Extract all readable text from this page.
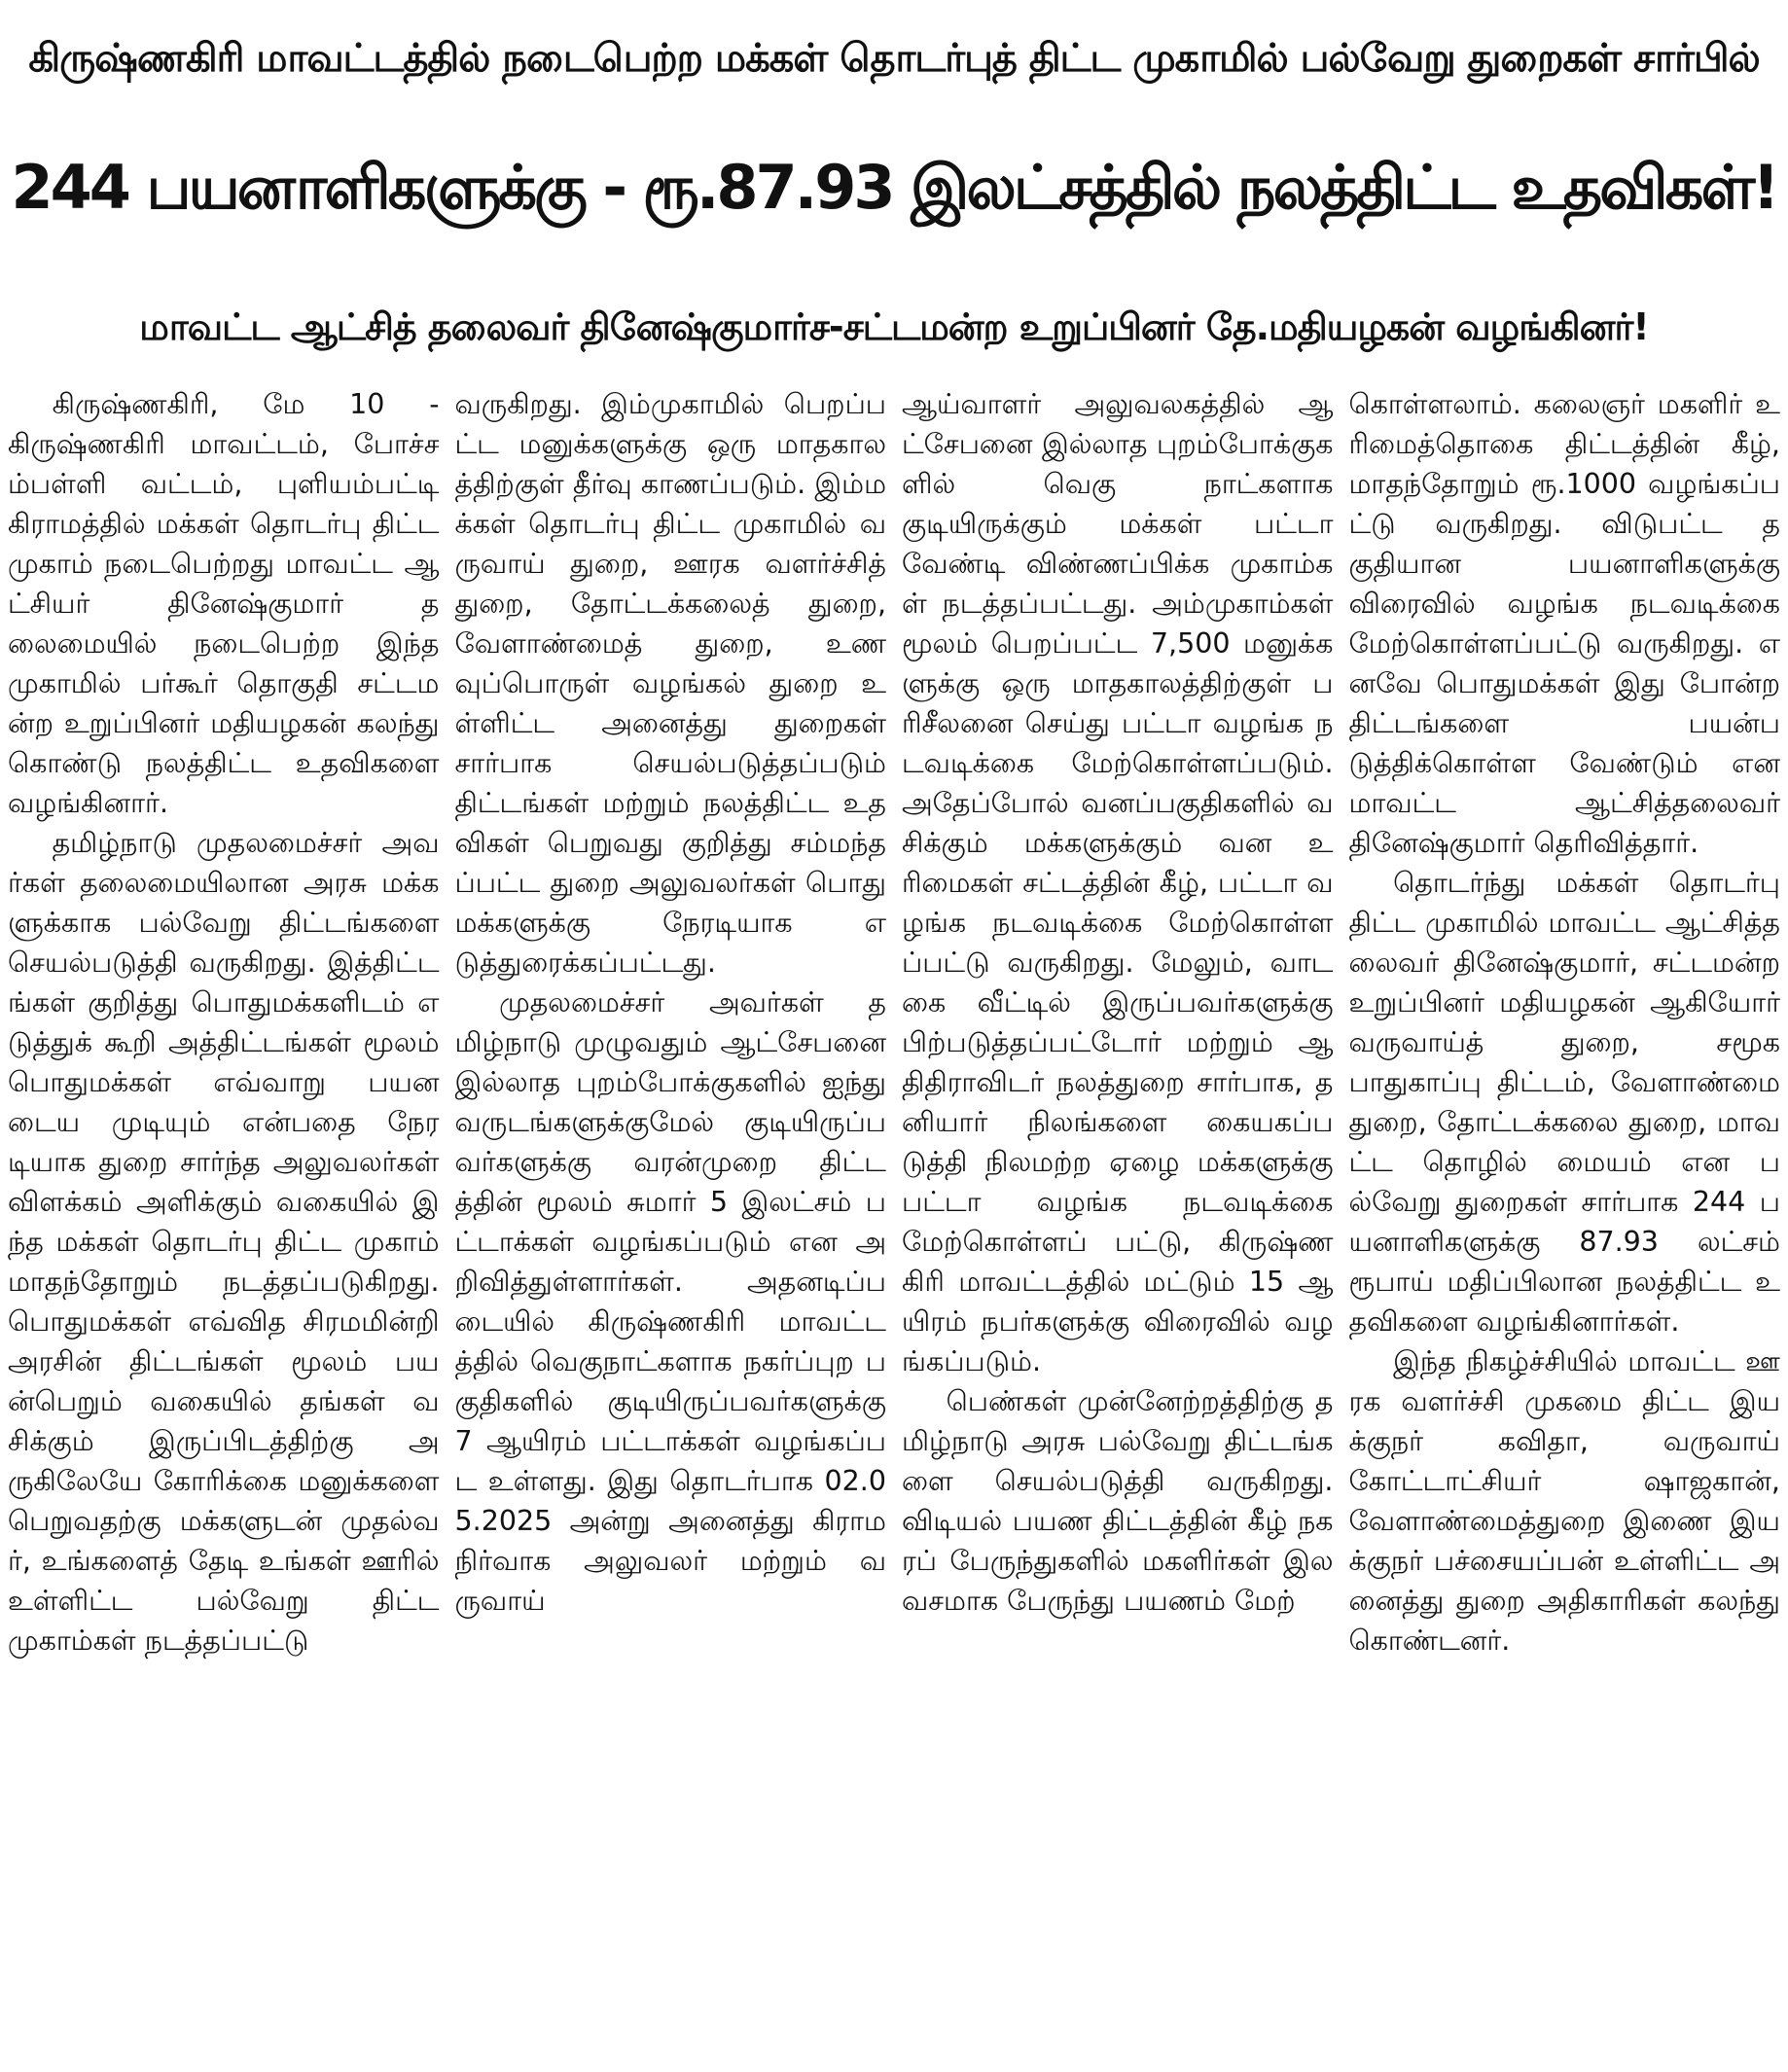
கிருஷ்ணகிரி மாவட்டத்தில் நடைபெற்ற மக்கள் தொடர்புத் திட்ட முகாமில் பல்வேறு துறைகள் சார்பில்
244 பயனாளிகளுக்கு - ரூ.87.93 இலட்சத்தில் நலத்திட்ட உதவிகள்!
மாவட்ட ஆட்சித் தலைவர் தினேஷ்குமார்ச-சட்டமன்ற உறுப்பினர் தே.மதியழகன் வழங்கினர்!

கிருஷ்ணகிரி, மே 10 - கிருஷ்ணகிரி மாவட்டம், போச்சம்பள்ளி வட்டம், புளியம்பட்டி கிராமத்தில் மக்கள் தொடர்பு திட்ட முகாம் நடைபெற்றது மாவட்ட ஆட்சியர் தினேஷ்குமார் தலைமையில் நடைபெற்ற இந்த முகாமில் பர்கூர் தொகுதி சட்டமன்ற உறுப்பினர் மதியழகன் கலந்து கொண்டு நலத்திட்ட உதவிகளை வழங்கினார்.

தமிழ்நாடு முதலமைச்சர் அவர்கள் தலைமையிலான அரசு மக்களுக்காக பல்வேறு திட்டங்களை செயல்படுத்தி வருகிறது. இத்திட்டங்கள் குறித்து பொதுமக்களிடம் எடுத்துக் கூறி அத்திட்டங்கள் மூலம் பொதுமக்கள் எவ்வாறு பயனடைய முடியும் என்பதை நேரடியாக துறை சார்ந்த அலுவலர்கள் விளக்கம் அளிக்கும் வகையில் இந்த மக்கள் தொடர்பு திட்ட முகாம் மாதந்தோறும் நடத்தப்படுகிறது. பொதுமக்கள் எவ்வித சிரமமின்றி அரசின் திட்டங்கள் மூலம் பயன்பெறும் வகையில் தங்கள் வசிக்கும் இருப்பிடத்திற்கு அருகிலேயே கோரிக்கை மனுக்களை பெறுவதற்கு மக்களுடன் முதல்வர், உங்களைத் தேடி உங்கள் ஊரில் உள்ளிட்ட பல்வேறு திட்ட முகாம்கள் நடத்தப்பட்டு

வருகிறது. இம்முகாமில் பெறப்பட்ட மனுக்களுக்கு ஒரு மாதகாலத்திற்குள் தீர்வு காணப்படும். இம்மக்கள் தொடர்பு திட்ட முகாமில் வருவாய் துறை, ஊரக வளர்ச்சித் துறை, தோட்டக்கலைத் துறை, வேளாண்மைத் துறை, உணவுப்பொருள் வழங்கல் துறை உள்ளிட்ட அனைத்து துறைகள் சார்பாக செயல்படுத்தப்படும் திட்டங்கள் மற்றும் நலத்திட்ட உதவிகள் பெறுவது குறித்து சம்மந்தப்பட்ட துறை அலுவலர்கள் பொது மக்களுக்கு நேரடியாக எடுத்துரைக்கப்பட்டது.

முதலமைச்சர் அவர்கள் தமிழ்நாடு முழுவதும் ஆட்சேபனை இல்லாத புறம்போக்குகளில் ஐந்து வருடங்களுக்குமேல் குடியிருப்பவர்களுக்கு வரன்முறை திட்டத்தின் மூலம் சுமார் 5 இலட்சம் பட்டாக்கள் வழங்கப்படும் என அறிவித்துள்ளார்கள். அதனடிப்படையில் கிருஷ்ணகிரி மாவட்டத்தில் வெகுநாட்களாக நகர்ப்புற பகுதிகளில் குடியிருப்பவர்களுக்கு 7 ஆயிரம் பட்டாக்கள் வழங்கப்பட உள்ளது. இது தொடர்பாக 02.05.2025 அன்று அனைத்து கிராம நிர்வாக அலுவலர் மற்றும் வருவாய்

ஆய்வாளர் அலுவலகத்தில் ஆட்சேபனை இல்லாத புறம்போக்குகளில் வெகு நாட்களாக குடியிருக்கும் மக்கள் பட்டா வேண்டி விண்ணப்பிக்க முகாம்கள் நடத்தப்பட்டது. அம்முகாம்கள் மூலம் பெறப்பட்ட 7,500 மனுக்களுக்கு ஒரு மாதகாலத்திற்குள் பரிசீலனை செய்து பட்டா வழங்க நடவடிக்கை மேற்கொள்ளப்படும். அதேப்போல் வனப்பகுதிகளில் வசிக்கும் மக்களுக்கும் வன உரிமைகள் சட்டத்தின் கீழ், பட்டா வழங்க நடவடிக்கை மேற்கொள்ளப்பட்டு வருகிறது. மேலும், வாடகை வீட்டில் இருப்பவர்களுக்கு பிற்படுத்தப்பட்டோர் மற்றும் ஆதிதிராவிடர் நலத்துறை சார்பாக, தனியார் நிலங்களை கையகப்படுத்தி நிலமற்ற ஏழை மக்களுக்கு பட்டா வழங்க நடவடிக்கை மேற்கொள்ளப் பட்டு, கிருஷ்ணகிரி மாவட்டத்தில் மட்டும் 15 ஆயிரம் நபர்களுக்கு விரைவில் வழங்கப்படும்.

பெண்கள் முன்னேற்றத்திற்கு தமிழ்நாடு அரசு பல்வேறு திட்டங்களை செயல்படுத்தி வருகிறது. விடியல் பயண திட்டத்தின் கீழ் நகரப் பேருந்துகளில் மகளிர்கள் இலவசமாக பேருந்து பயணம் மேற்

கொள்ளலாம். கலைஞர் மகளிர் உரிமைத்தொகை திட்டத்தின் கீழ், மாதந்தோறும் ரூ.1000 வழங்கப்பட்டு வருகிறது. விடுபட்ட தகுதியான பயனாளிகளுக்கு விரைவில் வழங்க நடவடிக்கை மேற்கொள்ளப்பட்டு வருகிறது. எனவே பொதுமக்கள் இது போன்ற திட்டங்களை பயன்படுத்திக்கொள்ள வேண்டும் என மாவட்ட ஆட்சித்தலைவர் தினேஷ்குமார் தெரிவித்தார்.

தொடர்ந்து மக்கள் தொடர்பு திட்ட முகாமில் மாவட்ட ஆட்சித்தலைவர் தினேஷ்குமார், சட்டமன்ற உறுப்பினர் மதியழகன் ஆகியோர் வருவாய்த் துறை, சமூக பாதுகாப்பு திட்டம், வேளாண்மை துறை, தோட்டக்கலை துறை, மாவட்ட தொழில் மையம் என பல்வேறு துறைகள் சார்பாக 244 பயனாளிகளுக்கு 87.93 லட்சம் ரூபாய் மதிப்பிலான நலத்திட்ட உதவிகளை வழங்கினார்கள்.

இந்த நிகழ்ச்சியில் மாவட்ட ஊரக வளர்ச்சி முகமை திட்ட இயக்குநர் கவிதா, வருவாய் கோட்டாட்சியர் ஷாஜகான், வேளாண்மைத்துறை இணை இயக்குநர் பச்சையப்பன் உள்ளிட்ட அனைத்து துறை அதிகாரிகள் கலந்து கொண்டனர்.
